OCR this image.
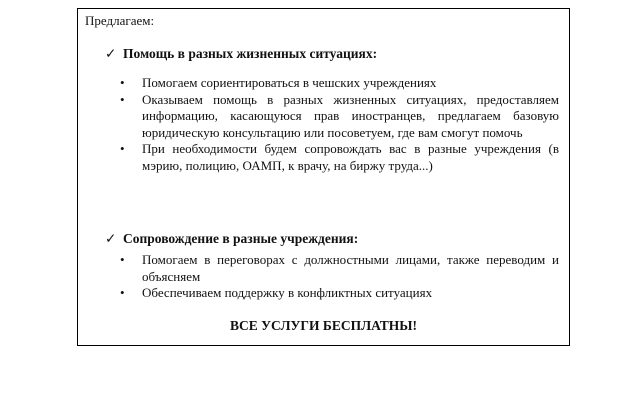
Предлагаем:
✓ Помощь в разных жизненных ситуациях:
• Помогаем сориентироваться в чешских учреждениях
• Оказываем помощь в разных жизненных ситуациях, предоставляем информацию, касающуюся прав иностранцев, предлагаем базовую юридическую консультацию или посоветуем, где вам смогут помочь
• При необходимости будем сопровождать вас в разные учреждения (в мэрию, полицию, ОАМП, к врачу, на биржу труда...)
✓ Сопровождение в разные учреждения:
• Помогаем в переговорах с должностными лицами, также переводим и объясняем
• Обеспечиваем поддержку в конфликтных ситуациях
ВСЕ УСЛУГИ БЕСПЛАТНЫ!
